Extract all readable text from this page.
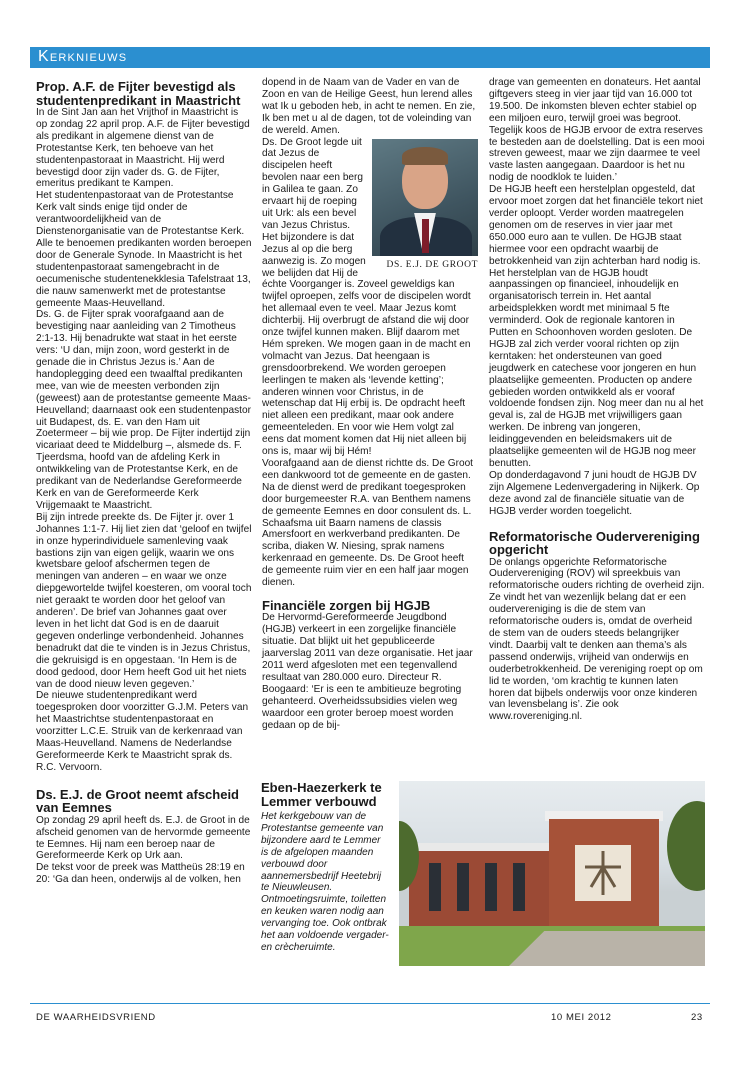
Kerknieuws
Prop. A.F. de Fijter bevestigd als studentenpredikant in Maastricht

In de Sint Jan aan het Vrijthof in Maastricht is op zondag 22 april prop. A.F. de Fijter bevestigd als predikant in algemene dienst van de Protestantse Kerk, ten behoeve van het studentenpastoraat in Maastricht. Hij werd bevestigd door zijn vader ds. G. de Fijter, emeritus predikant te Kampen.

Het studentenpastoraat van de Protestantse Kerk valt sinds enige tijd onder de verantwoordelijkheid van de Dienstenorganisatie van de Protestantse Kerk. Alle te benoemen predikanten worden beroepen door de Generale Synode. In Maastricht is het studentenpastoraat samengebracht in de oecumenische studentenekklesia Tafelstraat 13, die nauw samenwerkt met de protestantse gemeente Maas-Heuvelland.

Ds. G. de Fijter sprak voorafgaand aan de bevestiging naar aanleiding van 2 Timotheus 2:1-13. Hij benadrukte wat staat in het eerste vers: ‘U dan, mijn zoon, word gesterkt in de genade die in Christus Jezus is.’ Aan de handoplegging deed een twaalftal predikanten mee, van wie de meesten verbonden zijn (geweest) aan de protestantse gemeente Maas-Heuvelland; daarnaast ook een studentenpastor uit Budapest, ds. E. van den Ham uit Zoetermeer – bij wie prop. De Fijter indertijd zijn vicariaat deed te Middelburg –, alsmede ds. F. Tjeerdsma, hoofd van de afdeling Kerk in ontwikkeling van de Protestantse Kerk, en de predikant van de Nederlandse Gereformeerde Kerk en van de Gereformeerde Kerk Vrijgemaakt te Maastricht.

Bij zijn intrede preekte ds. De Fijter jr. over 1 Johannes 1:1-7. Hij liet zien dat ‘geloof en twijfel in onze hyperindividuele samenleving vaak bastions zijn van eigen gelijk, waarin we ons kwetsbare geloof afschermen tegen de meningen van anderen – en waar we onze diepgewortelde twijfel koesteren, om vooral toch niet geraakt te worden door het geloof van anderen’. De brief van Johannes gaat over leven in het licht dat God is en de daaruit gegeven onderlinge verbondenheid. Johannes benadrukt dat die te vinden is in Jezus Christus, die gekruisigd is en opgestaan. ‘In Hem is de dood gedood, door Hem heeft God uit het niets van de dood nieuw leven gegeven.’

De nieuwe studentenpredikant werd toegesproken door voorzitter G.J.M. Peters van het Maastrichtse studentenpastoraat en voorzitter L.C.E. Struik van de kerkenraad van Maas-Heuvelland. Namens de Nederlandse Gereformeerde Kerk te Maastricht sprak ds. R.C. Vervoorn.

Ds. E.J. de Groot neemt afscheid van Eemnes

Op zondag 29 april heeft ds. E.J. de Groot in de afscheid genomen van de hervormde gemeente te Eemnes. Hij nam een beroep naar de Gereformeerde Kerk op Urk aan.

De tekst voor de preek was Mattheüs 28:19 en 20: ‘Ga dan heen, onderwijs al de volken, hen

dopend in de Naam van de Vader en van de Zoon en van de Heilige Geest, hun lerend alles wat Ik u geboden heb, in acht te nemen. En zie, Ik ben met u al de dagen, tot de voleinding van de wereld. Amen.

DS. E.J. DE GROOT

Ds. De Groot legde uit dat Jezus de discipelen heeft bevolen naar een berg in Galilea te gaan. Zo ervaart hij de roeping uit Urk: als een bevel van Jezus Christus. Het bijzondere is dat Jezus al op die berg aanwezig is. Zo mogen we belijden dat Hij de échte Voorganger is. Zoveel geweldigs kan twijfel oproepen, zelfs voor de discipelen wordt het allemaal even te veel. Maar Jezus komt dichterbij. Hij overbrugt de afstand die wij door onze twijfel kunnen maken. Blijf daarom met Hém spreken. We mogen gaan in de macht en volmacht van Jezus. Dat heengaan is grensdoorbrekend. We worden geroepen leerlingen te maken als ‘levende ketting’; anderen winnen voor Christus, in de wetenschap dat Hij erbij is. De opdracht heeft niet alleen een predikant, maar ook andere gemeenteleden. En voor wie Hem volgt zal eens dat moment komen dat Hij niet alleen bij ons is, maar wij bij Hém!

Voorafgaand aan de dienst richtte ds. De Groot een dankwoord tot de gemeente en de gasten. Na de dienst werd de predikant toegesproken door burgemeester R.A. van Benthem namens de gemeente Eemnes en door consulent ds. L. Schaafsma uit Baarn namens de classis Amersfoort en werkverband predikanten. De scriba, diaken W. Niesing, sprak namens kerkenraad en gemeente. Ds. De Groot heeft de gemeente ruim vier en een half jaar mogen dienen.

Financiële zorgen bij HGJB

De Hervormd-Gereformeerde Jeugdbond (HGJB) verkeert in een zorgelijke financiële situatie. Dat blijkt uit het gepubliceerde jaarverslag 2011 van deze organisatie. Het jaar 2011 werd afgesloten met een tegenvallend resultaat van 280.000 euro. Directeur R. Boogaard: ‘Er is een te ambitieuze begroting gehanteerd. Overheidssubsidies vielen weg waardoor een groter beroep moest worden gedaan op de bij-

drage van gemeenten en donateurs. Het aantal giftgevers steeg in vier jaar tijd van 16.000 tot 19.500. De inkomsten bleven echter stabiel op een miljoen euro, terwijl groei was begroot. Tegelijk koos de HGJB ervoor de extra reserves te besteden aan de doelstelling. Dat is een mooi streven geweest, maar we zijn daarmee te veel vaste lasten aangegaan. Daardoor is het nu nodig de noodklok te luiden.’

De HGJB heeft een herstelplan opgesteld, dat ervoor moet zorgen dat het financiële tekort niet verder oploopt. Verder worden maatregelen genomen om de reserves in vier jaar met 650.000 euro aan te vullen. De HGJB staat hiermee voor een opdracht waarbij de betrokkenheid van zijn achterban hard nodig is. Het herstelplan van de HGJB houdt aanpassingen op financieel, inhoudelijk en organisatorisch terrein in. Het aantal arbeidsplekken wordt met minimaal 5 fte verminderd. Ook de regionale kantoren in Putten en Schoonhoven worden gesloten. De HGJB zal zich verder vooral richten op zijn kerntaken: het ondersteunen van goed jeugdwerk en catechese voor jongeren en hun plaatselijke gemeenten. Producten op andere gebieden worden ontwikkeld als er vooraf voldoende fondsen zijn. Nog meer dan nu al het geval is, zal de HGJB met vrijwilligers gaan werken. De inbreng van jongeren, leidinggevenden en beleidsmakers uit de plaatselijke gemeenten wil de HGJB nog meer benutten.

Op donderdagavond 7 juni houdt de HGJB DV zijn Algemene Ledenvergadering in Nijkerk. Op deze avond zal de financiële situatie van de HGJB verder worden toegelicht.

Reformatorische Oudervereniging opgericht

De onlangs opgerichte Reformatorische Oudervereniging (ROV) wil spreekbuis van reformatorische ouders richting de overheid zijn. Ze vindt het van wezenlijk belang dat er een oudervereniging is die de stem van reformatorische ouders is, omdat de overheid de stem van de ouders steeds belangrijker vindt. Daarbij valt te denken aan thema’s als passend onderwijs, vrijheid van onderwijs en ouderbetrokkenheid. De vereniging roept op om lid te worden, ‘om krachtig te kunnen laten horen dat bijbels onderwijs voor onze kinderen van levensbelang is’. Zie ook www.rovereniging.nl.

Eben-Haezerkerk te Lemmer verbouwd

Het kerkgebouw van de Protestantse gemeente van bijzondere aard te Lemmer is de afgelopen maanden verbouwd door aannemersbedrijf Heetebrij te Nieuwleusen. Ontmoetingsruimte, toiletten en keuken waren nodig aan vervanging toe. Ook ontbrak het aan voldoende vergader- en crècheruimte.

DE WAARHEIDSVRIEND	10 MEI 2012	23
